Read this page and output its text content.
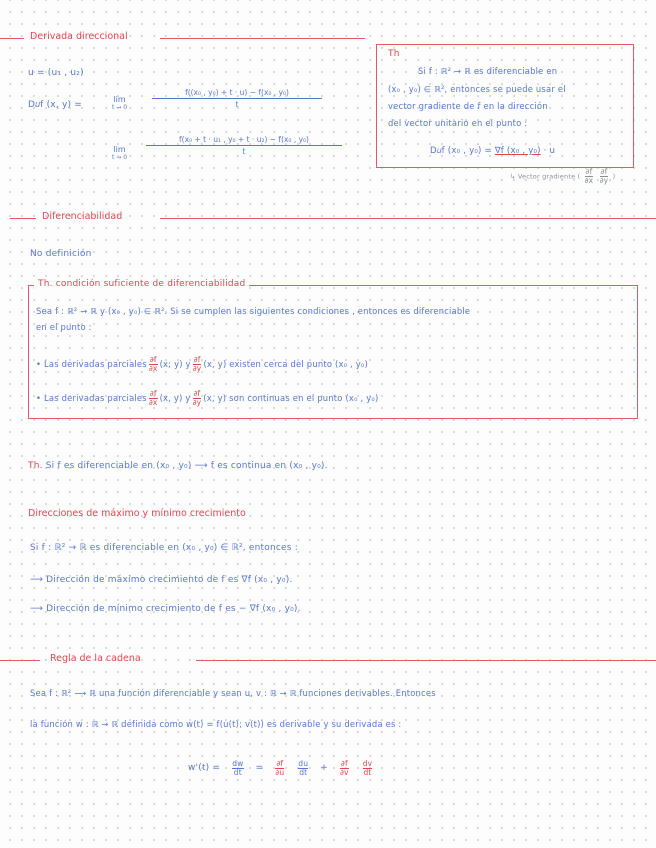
Derivada direccional
u = (u₁ , u₂)
D𝑢f (x, y) =
lim
t → 0
f((x₀ , y₀) + t · u) − f(x₀ , y₀)
t
lim
t → 0
f(x₀ + t · u₁ , y₀ + t · u₂) − f(x₀ , y₀)
t
Th
Si f : ℝ² → ℝ es diferenciable en
(x₀ , y₀) ∈ ℝ², entonces se puede usar el
vector gradiente de f en la dirección
del vector unitario en el punto :
D𝑢f (x₀ , y₀) = ∇f (x₀ , y₀) · u
↳ Vector gradiente ( $\frac{\partial f}{\partial x}$
$\frac{\partial f}{\partial y}$ )
Diferenciabilidad
No definición
Th. condición suficiente de diferenciabilidad
Sea f : ℝ² → ℝ y (x₀ , y₀) ∈ ℝ². Si se cumplen las siguientes condiciones , entonces es diferenciable
en el punto :
• Las derivadas parciales ∂f
∂x (x; y) y ∂f
∂y (x, y) existen cerca del punto (x₀ , y₀)
• Las derivadas parciales ∂f
∂x (x, y) y ∂f
∂y (x, y) son continuas en el punto (x₀ , y₀)
Th. Si f es diferenciable en (x₀ , y₀) ⟶ f es continua en (x₀ , y₀).
Direcciones de máximo y mínimo crecimiento
Si f : ℝ² → ℝ es diferenciable en (x₀ , y₀) ∈ ℝ², entonces :
⟶ Dirección de máximo crecimiento de f es ∇f (x₀ , y₀).
⟶ Dirección de mínimo crecimiento de f es − ∇f (x₀ , y₀).
Regla de la cadena
Sea f : ℝ² ⟶ ℝ una función diferenciable y sean u, v : ℝ → ℝ funciones derivables. Entonces
la función w : ℝ → ℝ definida como w(t) = f(u(t); v(t)) es derivable y su derivada es :
w'(t) = dw
dt = ∂f
∂u
du
dt + ∂f
∂v
dv
dt
